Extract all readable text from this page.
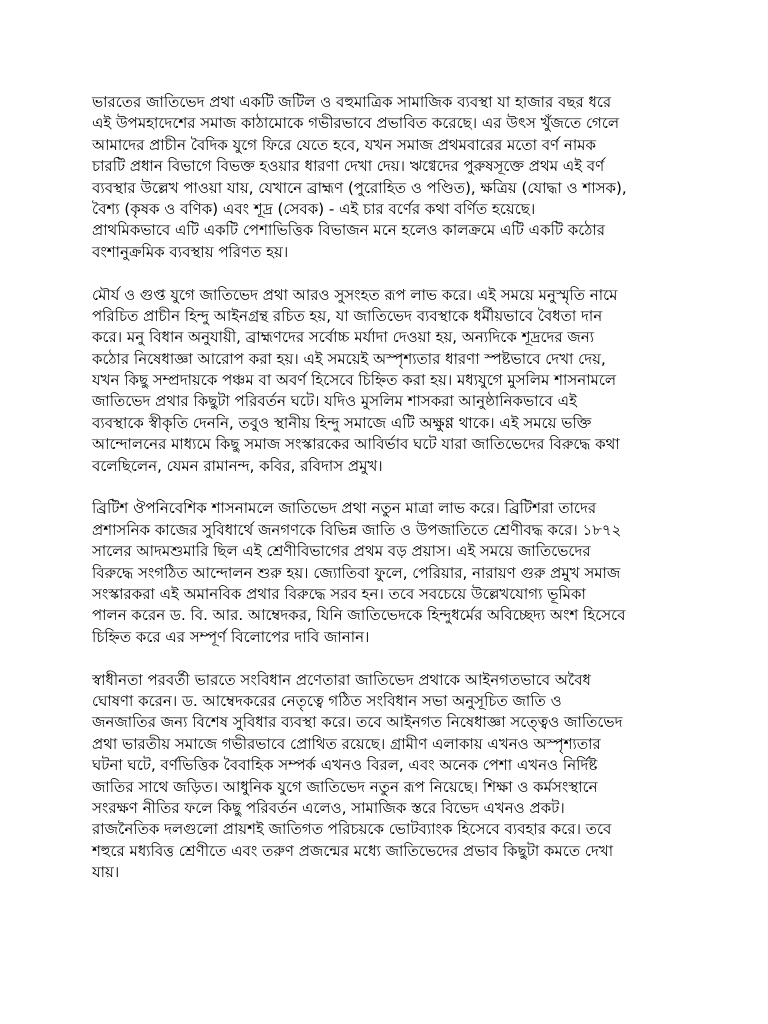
ভারতের জাতিভেদ প্রথা একটি জটিল ও বহুমাত্রিক সামাজিক ব্যবস্থা যা হাজার বছর ধরে
এই উপমহাদেশের সমাজ কাঠামোকে গভীরভাবে প্রভাবিত করেছে। এর উৎস খুঁজতে গেলে
আমাদের প্রাচীন বৈদিক যুগে ফিরে যেতে হবে, যখন সমাজ প্রথমবারের মতো বর্ণ নামক
চারটি প্রধান বিভাগে বিভক্ত হওয়ার ধারণা দেখা দেয়। ঋগ্বেদের পুরুষসূক্তে প্রথম এই বর্ণ
ব্যবস্থার উল্লেখ পাওয়া যায়, যেখানে ব্রাহ্মণ (পুরোহিত ও পণ্ডিত), ক্ষত্রিয় (যোদ্ধা ও শাসক),
বৈশ্য (কৃষক ও বণিক) এবং শূদ্র (সেবক) - এই চার বর্ণের কথা বর্ণিত হয়েছে।
প্রাথমিকভাবে এটি একটি পেশাভিত্তিক বিভাজন মনে হলেও কালক্রমে এটি একটি কঠোর
বংশানুক্রমিক ব্যবস্থায় পরিণত হয়।
মৌর্য ও গুপ্ত যুগে জাতিভেদ প্রথা আরও সুসংহত রূপ লাভ করে। এই সময়ে মনুস্মৃতি নামে
পরিচিত প্রাচীন হিন্দু আইনগ্রন্থ রচিত হয়, যা জাতিভেদ ব্যবস্থাকে ধর্মীয়ভাবে বৈধতা দান
করে। মনু বিধান অনুযায়ী, ব্রাহ্মণদের সর্বোচ্চ মর্যাদা দেওয়া হয়, অন্যদিকে শূদ্রদের জন্য
কঠোর নিষেধাজ্ঞা আরোপ করা হয়। এই সময়েই অস্পৃশ্যতার ধারণা স্পষ্টভাবে দেখা দেয়,
যখন কিছু সম্প্রদায়কে পঞ্চম বা অবর্ণ হিসেবে চিহ্নিত করা হয়। মধ্যযুগে মুসলিম শাসনামলে
জাতিভেদ প্রথার কিছুটা পরিবর্তন ঘটে। যদিও মুসলিম শাসকরা আনুষ্ঠানিকভাবে এই
ব্যবস্থাকে স্বীকৃতি দেননি, তবুও স্থানীয় হিন্দু সমাজে এটি অক্ষুণ্ণ থাকে। এই সময়ে ভক্তি
আন্দোলনের মাধ্যমে কিছু সমাজ সংস্কারকের আবির্ভাব ঘটে যারা জাতিভেদের বিরুদ্ধে কথা
বলেছিলেন, যেমন রামানন্দ, কবির, রবিদাস প্রমুখ।
ব্রিটিশ ঔপনিবেশিক শাসনামলে জাতিভেদ প্রথা নতুন মাত্রা লাভ করে। ব্রিটিশরা তাদের
প্রশাসনিক কাজের সুবিধার্থে জনগণকে বিভিন্ন জাতি ও উপজাতিতে শ্রেণীবদ্ধ করে। ১৮৭২
সালের আদমশুমারি ছিল এই শ্রেণীবিভাগের প্রথম বড় প্রয়াস। এই সময়ে জাতিভেদের
বিরুদ্ধে সংগঠিত আন্দোলন শুরু হয়। জ্যোতিবা ফুলে, পেরিয়ার, নারায়ণ গুরু প্রমুখ সমাজ
সংস্কারকরা এই অমানবিক প্রথার বিরুদ্ধে সরব হন। তবে সবচেয়ে উল্লেখযোগ্য ভূমিকা
পালন করেন ড. বি. আর. আম্বেদকর, যিনি জাতিভেদকে হিন্দুধর্মের অবিচ্ছেদ্য অংশ হিসেবে
চিহ্নিত করে এর সম্পূর্ণ বিলোপের দাবি জানান।
স্বাধীনতা পরবর্তী ভারতে সংবিধান প্রণেতারা জাতিভেদ প্রথাকে আইনগতভাবে অবৈধ
ঘোষণা করেন। ড. আম্বেদকরের নেতৃত্বে গঠিত সংবিধান সভা অনুসূচিত জাতি ও
জনজাতির জন্য বিশেষ সুবিধার ব্যবস্থা করে। তবে আইনগত নিষেধাজ্ঞা সত্ত্বেও জাতিভেদ
প্রথা ভারতীয় সমাজে গভীরভাবে প্রোথিত রয়েছে। গ্রামীণ এলাকায় এখনও অস্পৃশ্যতার
ঘটনা ঘটে, বর্ণভিত্তিক বৈবাহিক সম্পর্ক এখনও বিরল, এবং অনেক পেশা এখনও নির্দিষ্ট
জাতির সাথে জড়িত। আধুনিক যুগে জাতিভেদ নতুন রূপ নিয়েছে। শিক্ষা ও কর্মসংস্থানে
সংরক্ষণ নীতির ফলে কিছু পরিবর্তন এলেও, সামাজিক স্তরে বিভেদ এখনও প্রকট।
রাজনৈতিক দলগুলো প্রায়শই জাতিগত পরিচয়কে ভোটব্যাংক হিসেবে ব্যবহার করে। তবে
শহুরে মধ্যবিত্ত শ্রেণীতে এবং তরুণ প্রজন্মের মধ্যে জাতিভেদের প্রভাব কিছুটা কমতে দেখা
যায়।
